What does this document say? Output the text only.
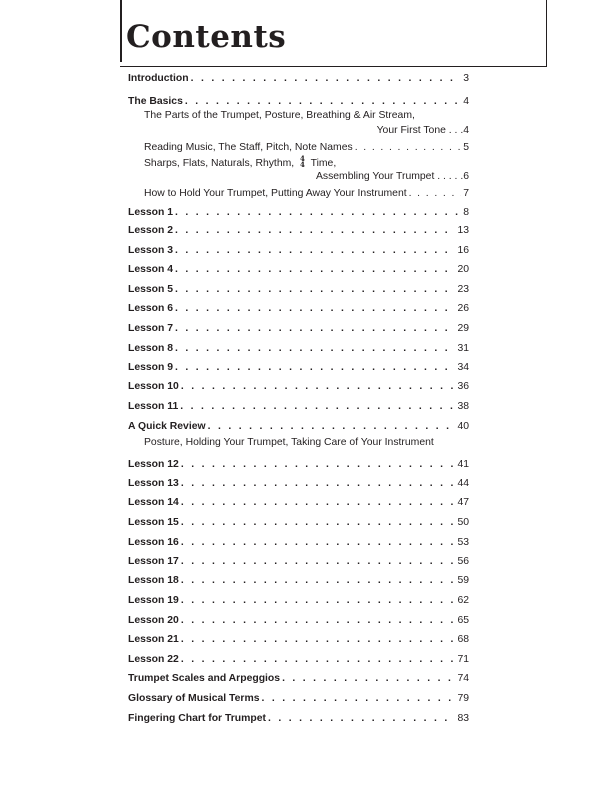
Contents
Introduction . . .	3
The Basics . . .	4
The Parts of the Trumpet, Posture, Breathing & Air Stream,
Your First Tone . . .4
Reading Music, The Staff, Pitch, Note Names . . .	5
Sharps, Flats, Naturals, Rhythm, 4
4 Time,
Assembling Your Trumpet . . . . .6
How to Hold Your Trumpet, Putting Away Your Instrument . . .	7
Lesson 1 . . .	8
Lesson 2 . . .	13
Lesson 3 . . .	16
Lesson 4 . . .	20
Lesson 5 . . .	23
Lesson 6 . . .	26
Lesson 7 . . .	29
Lesson 8 . . .	31
Lesson 9 . . .	34
Lesson 10 . . .	36
Lesson 11 . . .	38
A Quick Review . . .	40
Posture, Holding Your Trumpet, Taking Care of Your Instrument
Lesson 12 . . .	41
Lesson 13 . . .	44
Lesson 14 . . .	47
Lesson 15 . . .	50
Lesson 16 . . .	53
Lesson 17 . . .	56
Lesson 18 . . .	59
Lesson 19 . . .	62
Lesson 20 . . .	65
Lesson 21 . . .	68
Lesson 22 . . .	71
Trumpet Scales and Arpeggios . . .	74
Glossary of Musical Terms . . .	79
Fingering Chart for Trumpet . . .	83
